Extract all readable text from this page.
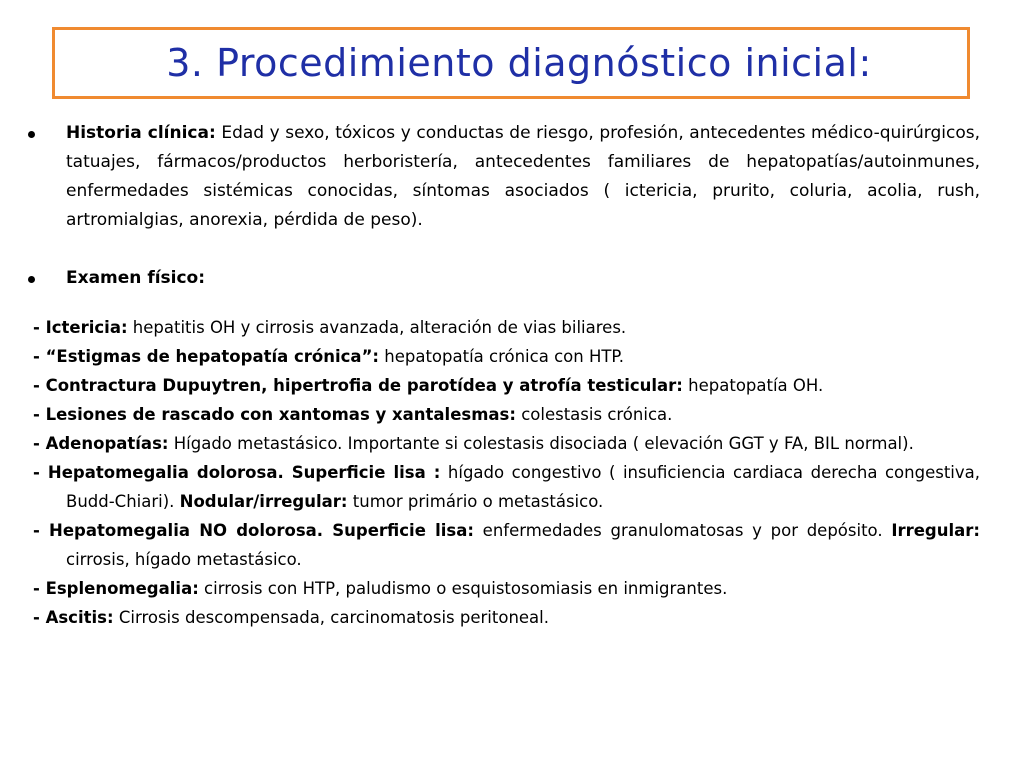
3. Procedimiento diagnóstico inicial:
Historia clínica: Edad y sexo, tóxicos y conductas de riesgo, profesión, antecedentes médico-quirúrgicos, tatuajes, fármacos/productos herboristería, antecedentes familiares de hepatopatías/autoinmunes, enfermedades sistémicas conocidas, síntomas asociados ( ictericia, prurito, coluria, acolia, rush, artromialgias, anorexia, pérdida de peso).
Examen físico:
- Ictericia: hepatitis OH y cirrosis avanzada, alteración de vias biliares.
- “Estigmas de hepatopatía crónica”: hepatopatía crónica con HTP.
- Contractura Dupuytren, hipertrofia de parotídea y atrofía testicular: hepatopatía OH.
- Lesiones de rascado con xantomas y xantalesmas: colestasis crónica.
- Adenopatías: Hígado metastásico. Importante si colestasis disociada ( elevación GGT y FA, BIL normal).
- Hepatomegalia dolorosa. Superficie lisa : hígado congestivo ( insuficiencia cardiaca derecha congestiva, Budd-Chiari). Nodular/irregular: tumor primário o metastásico.
- Hepatomegalia NO dolorosa. Superficie lisa: enfermedades granulomatosas y por depósito. Irregular: cirrosis, hígado metastásico.
- Esplenomegalia: cirrosis con HTP, paludismo o esquistosomiasis en inmigrantes.
- Ascitis: Cirrosis descompensada, carcinomatosis peritoneal.
